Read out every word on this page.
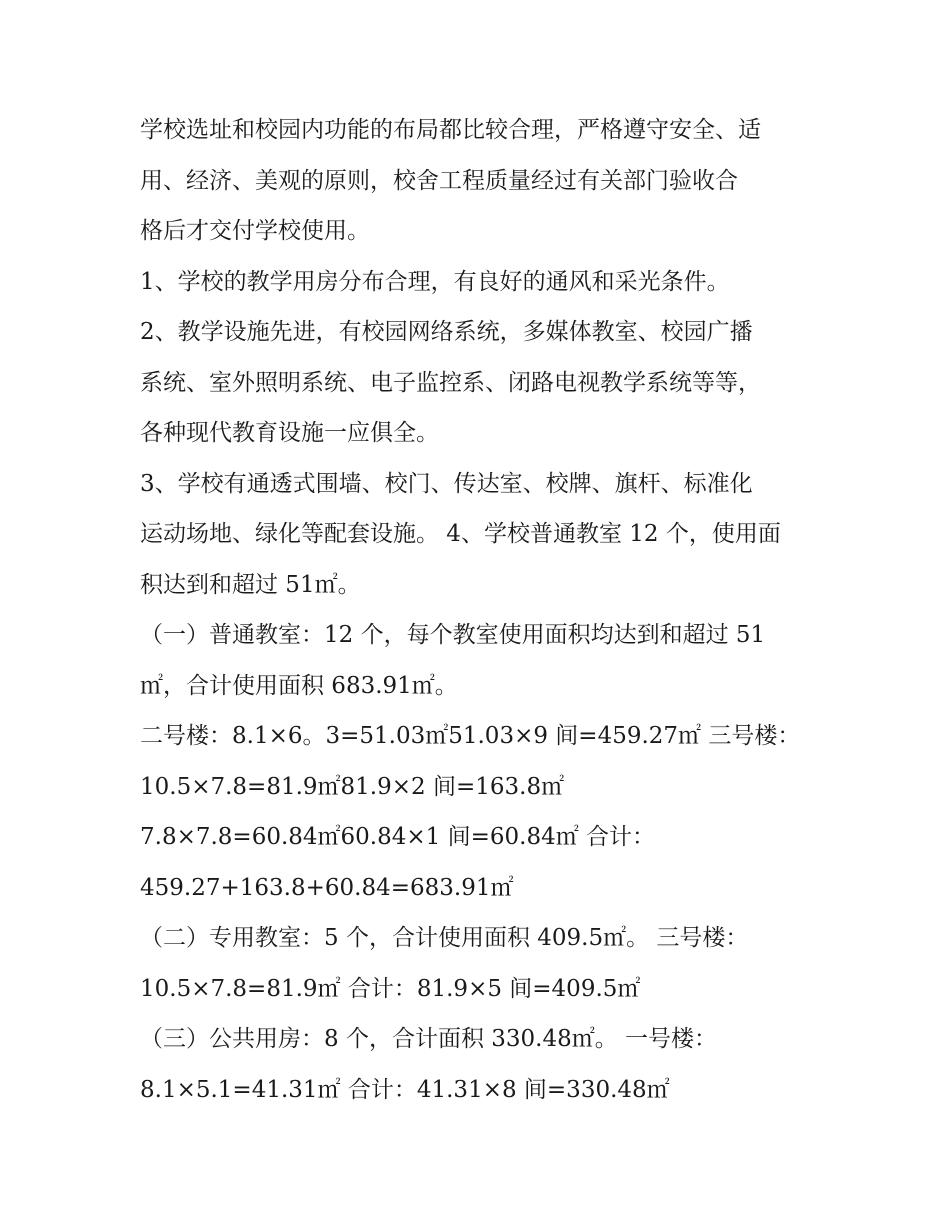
学校选址和校园内功能的布局都比较合理，严格遵守安全、适
用、经济、美观的原则，校舍工程质量经过有关部门验收合
格后才交付学校使用。
1、学校的教学用房分布合理，有良好的通风和采光条件。
2、教学设施先进，有校园网络系统，多媒体教室、校园广播
系统、室外照明系统、电子监控系、闭路电视教学系统等等，
各种现代教育设施一应俱全。
3、学校有通透式围墙、校门、传达室、校牌、旗杆、标准化
运动场地、绿化等配套设施。 4、学校普通教室 12 个，使用面
积达到和超过 51㎡。
（一）普通教室：12 个，每个教室使用面积均达到和超过 51
㎡，合计使用面积 683.91㎡。
二号楼：8.1×6。3=51.03㎡51.03×9 间=459.27㎡ 三号楼：
10.5×7.8=81.9㎡81.9×2 间=163.8㎡
7.8×7.8=60.84㎡60.84×1 间=60.84㎡ 合计：
459.27+163.8+60.84=683.91㎡
（二）专用教室：5 个，合计使用面积 409.5㎡。 三号楼：
10.5×7.8=81.9㎡ 合计：81.9×5 间=409.5㎡
（三）公共用房：8 个，合计面积 330.48㎡。 一号楼：
8.1×5.1=41.31㎡ 合计：41.31×8 间=330.48㎡
